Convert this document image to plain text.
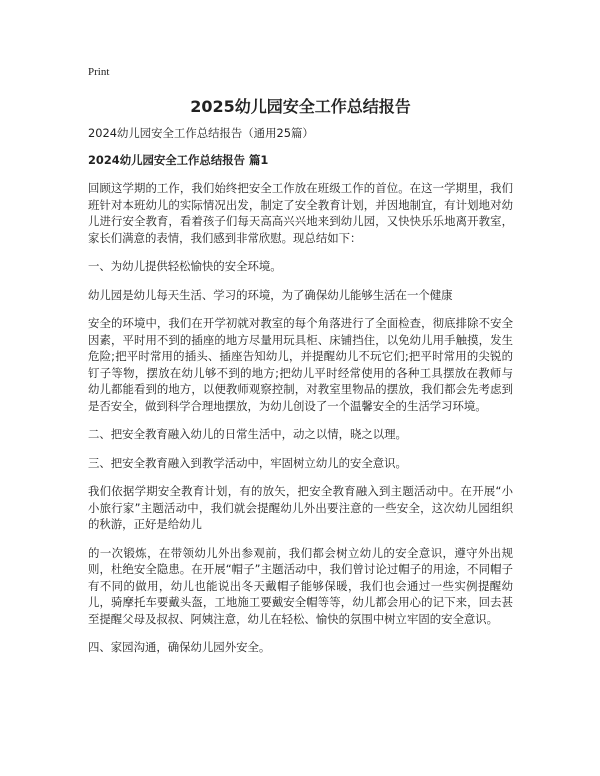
Print
2025幼儿园安全工作总结报告
2024幼儿园安全工作总结报告（通用25篇）
2024幼儿园安全工作总结报告 篇1

回顾这学期的工作，我们始终把安全工作放在班级工作的首位。在这一学期里，我们班针对本班幼儿的实际情况出发，制定了安全教育计划，并因地制宜，有计划地对幼儿进行安全教育，看着孩子们每天高高兴兴地来到幼儿园，又快快乐乐地离开教室，家长们满意的表情，我们感到非常欣慰。现总结如下：

一、为幼儿提供轻松愉快的安全环境。

幼儿园是幼儿每天生活、学习的环境，为了确保幼儿能够生活在一个健康

安全的环境中，我们在开学初就对教室的每个角落进行了全面检查，彻底排除不安全因素，平时用不到的插座的地方尽量用玩具柜、床铺挡住，以免幼儿用手触摸，发生危险;把平时常用的插头、插座告知幼儿，并提醒幼儿不玩它们;把平时常用的尖锐的钉子等物，摆放在幼儿够不到的地方;把幼儿平时经常使用的各种工具摆放在教师与幼儿都能看到的地方，以便教师观察控制，对教室里物品的摆放，我们都会先考虑到是否安全，做到科学合理地摆放，为幼儿创设了一个温馨安全的生活学习环境。

二、把安全教育融入幼儿的日常生活中，动之以情，晓之以理。

三、把安全教育融入到教学活动中，牢固树立幼儿的安全意识。

我们依据学期安全教育计划，有的放矢，把安全教育融入到主题活动中。在开展“小小旅行家”主题活动中，我们就会提醒幼儿外出要注意的一些安全，这次幼儿园组织的秋游，正好是给幼儿

的一次锻炼，在带领幼儿外出参观前，我们都会树立幼儿的安全意识，遵守外出规则，杜绝安全隐患。在开展“帽子”主题活动中，我们曾讨论过帽子的用途，不同帽子有不同的做用，幼儿也能说出冬天戴帽子能够保暖，我们也会通过一些实例提醒幼儿，骑摩托车要戴头盔，工地施工要戴安全帽等等，幼儿都会用心的记下来，回去甚至提醒父母及叔叔、阿姨注意，幼儿在轻松、愉快的氛围中树立牢固的安全意识。

四、家园沟通，确保幼儿园外安全。
